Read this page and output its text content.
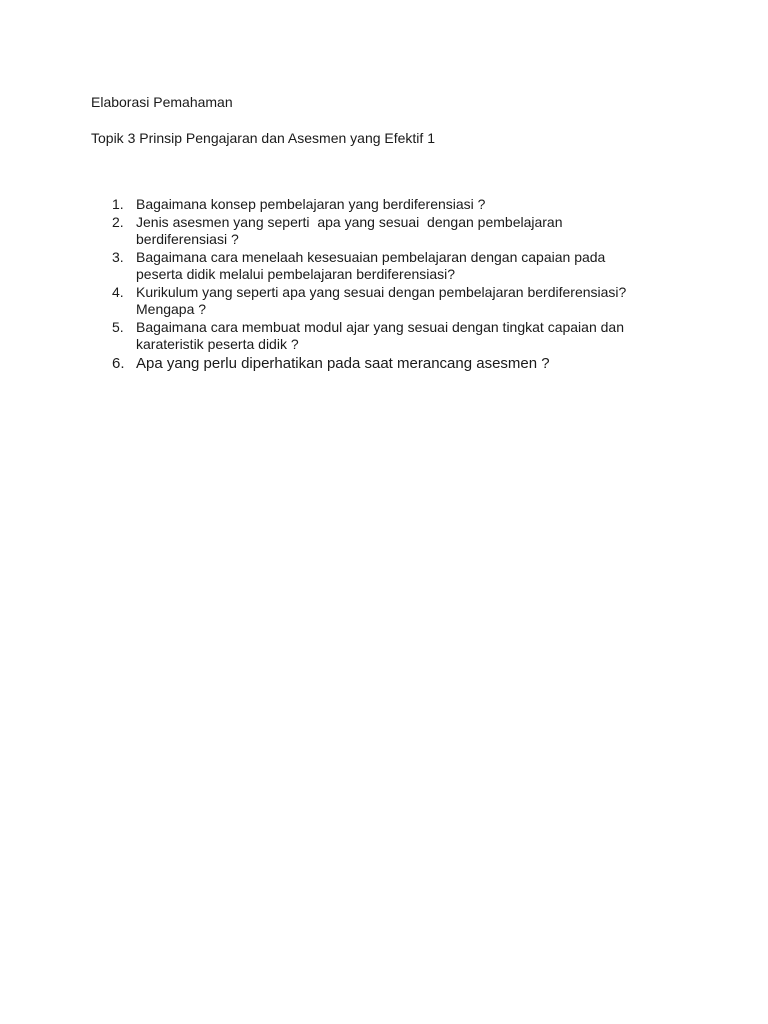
Elaborasi Pemahaman
Topik 3 Prinsip Pengajaran dan Asesmen yang Efektif 1
1. Bagaimana konsep pembelajaran yang berdiferensiasi ?
2. Jenis asesmen yang seperti  apa yang sesuai  dengan pembelajaran
berdiferensiasi ?
3. Bagaimana cara menelaah kesesuaian pembelajaran dengan capaian pada
peserta didik melalui pembelajaran berdiferensiasi?
4. Kurikulum yang seperti apa yang sesuai dengan pembelajaran berdiferensiasi?
Mengapa ?
5. Bagaimana cara membuat modul ajar yang sesuai dengan tingkat capaian dan
karateristik peserta didik ?
6. Apa yang perlu diperhatikan pada saat merancang asesmen ?
